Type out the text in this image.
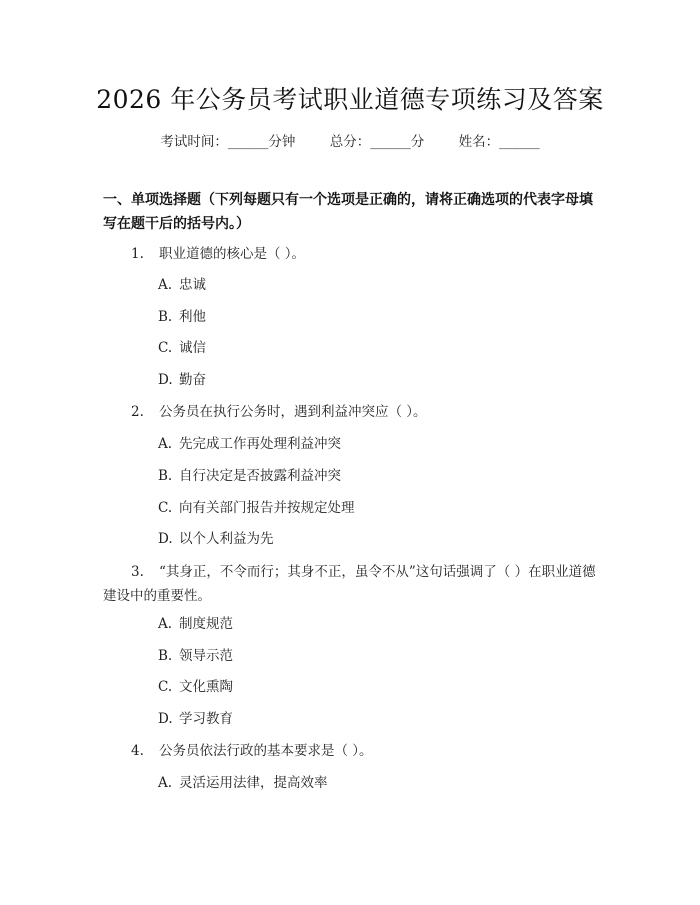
2026 年公务员考试职业道德专项练习及答案
考试时间：______分钟	总分：______分	姓名：______
一、单项选择题（下列每题只有一个选项是正确的，请将正确选项的代表字母填写在题干后的括号内。）
1. 职业道德的核心是（ ）。
A. 忠诚
B. 利他
C. 诚信
D. 勤奋
2. 公务员在执行公务时，遇到利益冲突应（ ）。
A. 先完成工作再处理利益冲突
B. 自行决定是否披露利益冲突
C. 向有关部门报告并按规定处理
D. 以个人利益为先
3. “其身正，不令而行；其身不正，虽令不从”这句话强调了（ ）在职业道德建设中的重要性。
A. 制度规范
B. 领导示范
C. 文化熏陶
D. 学习教育
4. 公务员依法行政的基本要求是（ ）。
A. 灵活运用法律，提高效率
